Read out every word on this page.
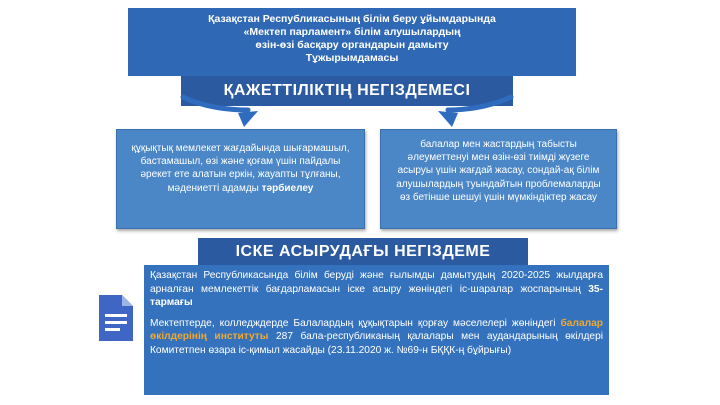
Қазақстан Республикасының білім беру ұйымдарында
«Мектеп парламент» білім алушылардың
өзін-өзі басқару органдарын дамыту
Тұжырымдамасы
ҚАЖЕТТІЛІКТІҢ НЕГІЗДЕМЕСІ
құқықтық мемлекет жағдайында шығармашыл, бастамашыл, өзі және қоғам үшін пайдалы әрекет ете алатын еркін, жауапты тұлғаны, мәдениетті адамды тәрбиелеу
балалар мен жастардың табысты әлеуметтенуі мен өзін-өзі тиімді жүзеге асыруы үшін жағдай жасау, сондай-ақ білім алушылардың туындайтын проблемаларды өз бетінше шешуі үшін мүмкіндіктер жасау
ІСКЕ АСЫРУДАҒЫ НЕГІЗДЕМЕ

Қазақстан Республикасында білім беруді және ғылымды дамытудың 2020-2025 жылдарға арналған мемлекеттік бағдарламасын іске асыру жөніндегі іс-шаралар жоспарының 35-тармағы

Мектептерде, колледждерде Балалардың құқықтарын қорғау мәселелері жөніндегі балалар өкілдерінің институты 287 бала-республиканың қалалары мен аудандарының өкілдері Комитетпен өзара іс-қимыл жасайды (23.11.2020 ж. №69-н БҚҚК-ң бұйрығы)
